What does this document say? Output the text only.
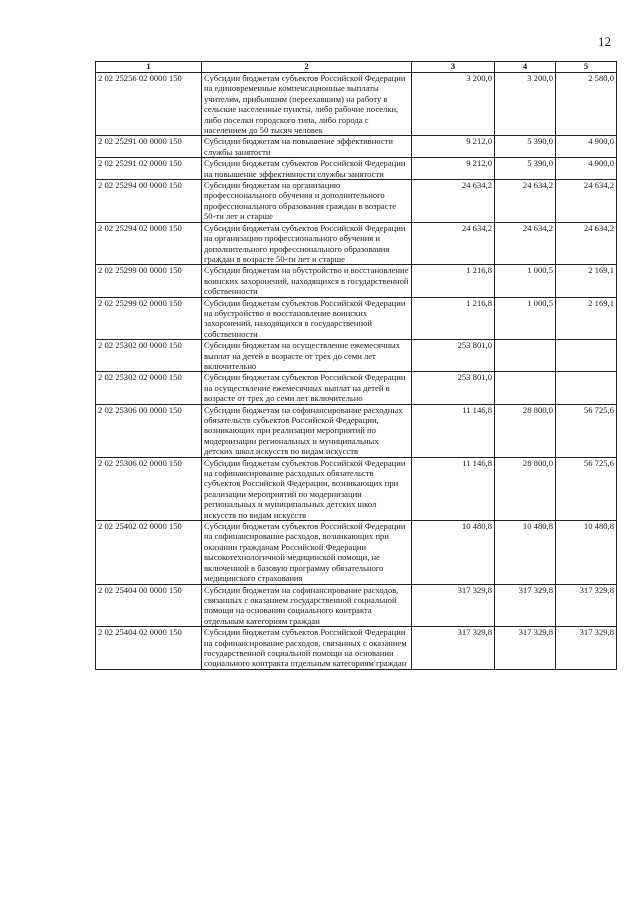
12
1	2	3	4	5
2 02 25256 02 0000 150	Субсидии бюджетам субъектов Российской Федерации на единовременные компенсационные выплаты учителям, прибывшим (переехавшим) на работу в сельские населенные пункты, либо рабочие поселки, либо поселки городского типа, либо города с населением до 50 тысяч человек	3 200,0	3 200,0	2 580,0
2 02 25291 00 0000 150	Субсидии бюджетам на повышение эффективности службы занятости	9 212,0	5 390,0	4 900,0
2 02 25291 02 0000 150	Субсидии бюджетам субъектов Российской Федерации на повышение эффективности службы занятости	9 212,0	5 390,0	4 900,0
2 02 25294 00 0000 150	Субсидии бюджетам на организацию профессионального обучения и дополнительного профессионального образования граждан в возрасте 50-ти лет и старше	24 634,2	24 634,2	24 634,2
2 02 25294 02 0000 150	Субсидии бюджетам субъектов Российской Федерации на организацию профессионального обучения и дополнительного профессионального образования граждан в возрасте 50-ти лет и старше	24 634,2	24 634,2	24 634,2
2 02 25299 00 0000 150	Субсидии бюджетам на обустройство и восстановление воинских захоронений, находящихся в государственной собственности	1 216,8	1 000,5	2 169,1
2 02 25299 02 0000 150	Субсидии бюджетам субъектов Российской Федерации на обустройство и восстановление воинских захоронений, находящихся в государственной собственности	1 216,8	1 000,5	2 169,1
2 02 25302 00 0000 150	Субсидии бюджетам на осуществление ежемесячных выплат на детей в возрасте от трех до семи лет включительно	253 801,0		
2 02 25302 02 0000 150	Субсидии бюджетам субъектов Российской Федерации на осуществление ежемесячных выплат на детей в возрасте от трех до семи лет включительно	253 801,0		
2 02 25306 00 0000 150	Субсидии бюджетам на софинансирование расходных обязательств субъектов Российской Федерации, возникающих при реализации мероприятий по модернизации региональных и муниципальных детских школ искусств по видам искусств	11 146,8	28 800,0	56 725,6
2 02 25306 02 0000 150	Субсидии бюджетам субъектов Российской Федерации на софинансирование расходных обязательств субъектов Российской Федерации, возникающих при реализации мероприятий по модернизации региональных и муниципальных детских школ искусств по видам искусств	11 146,8	28 800,0	56 725,6
2 02 25402 02 0000 150	Субсидии бюджетам субъектов Российской Федерации на софинансирование расходов, возникающих при оказании гражданам Российской Федерации высокотехнологичной медицинской помощи, не включенной в базовую программу обязательного медицинского страхования	10 480,8	10 480,8	10 480,8
2 02 25404 00 0000 150	Субсидии бюджетам на софинансирование расходов, связанных с оказанием государственной социальной помощи на основании социального контракта отдельным категориям граждан	317 329,8	317 329,8	317 329,8
2 02 25404 02 0000 150	Субсидии бюджетам субъектов Российской Федерации на софинансирование расходов, связанных с оказанием государственной социальной помощи на основании социального контракта отдельным категориям граждан	317 329,8	317 329,8	317 329,8
